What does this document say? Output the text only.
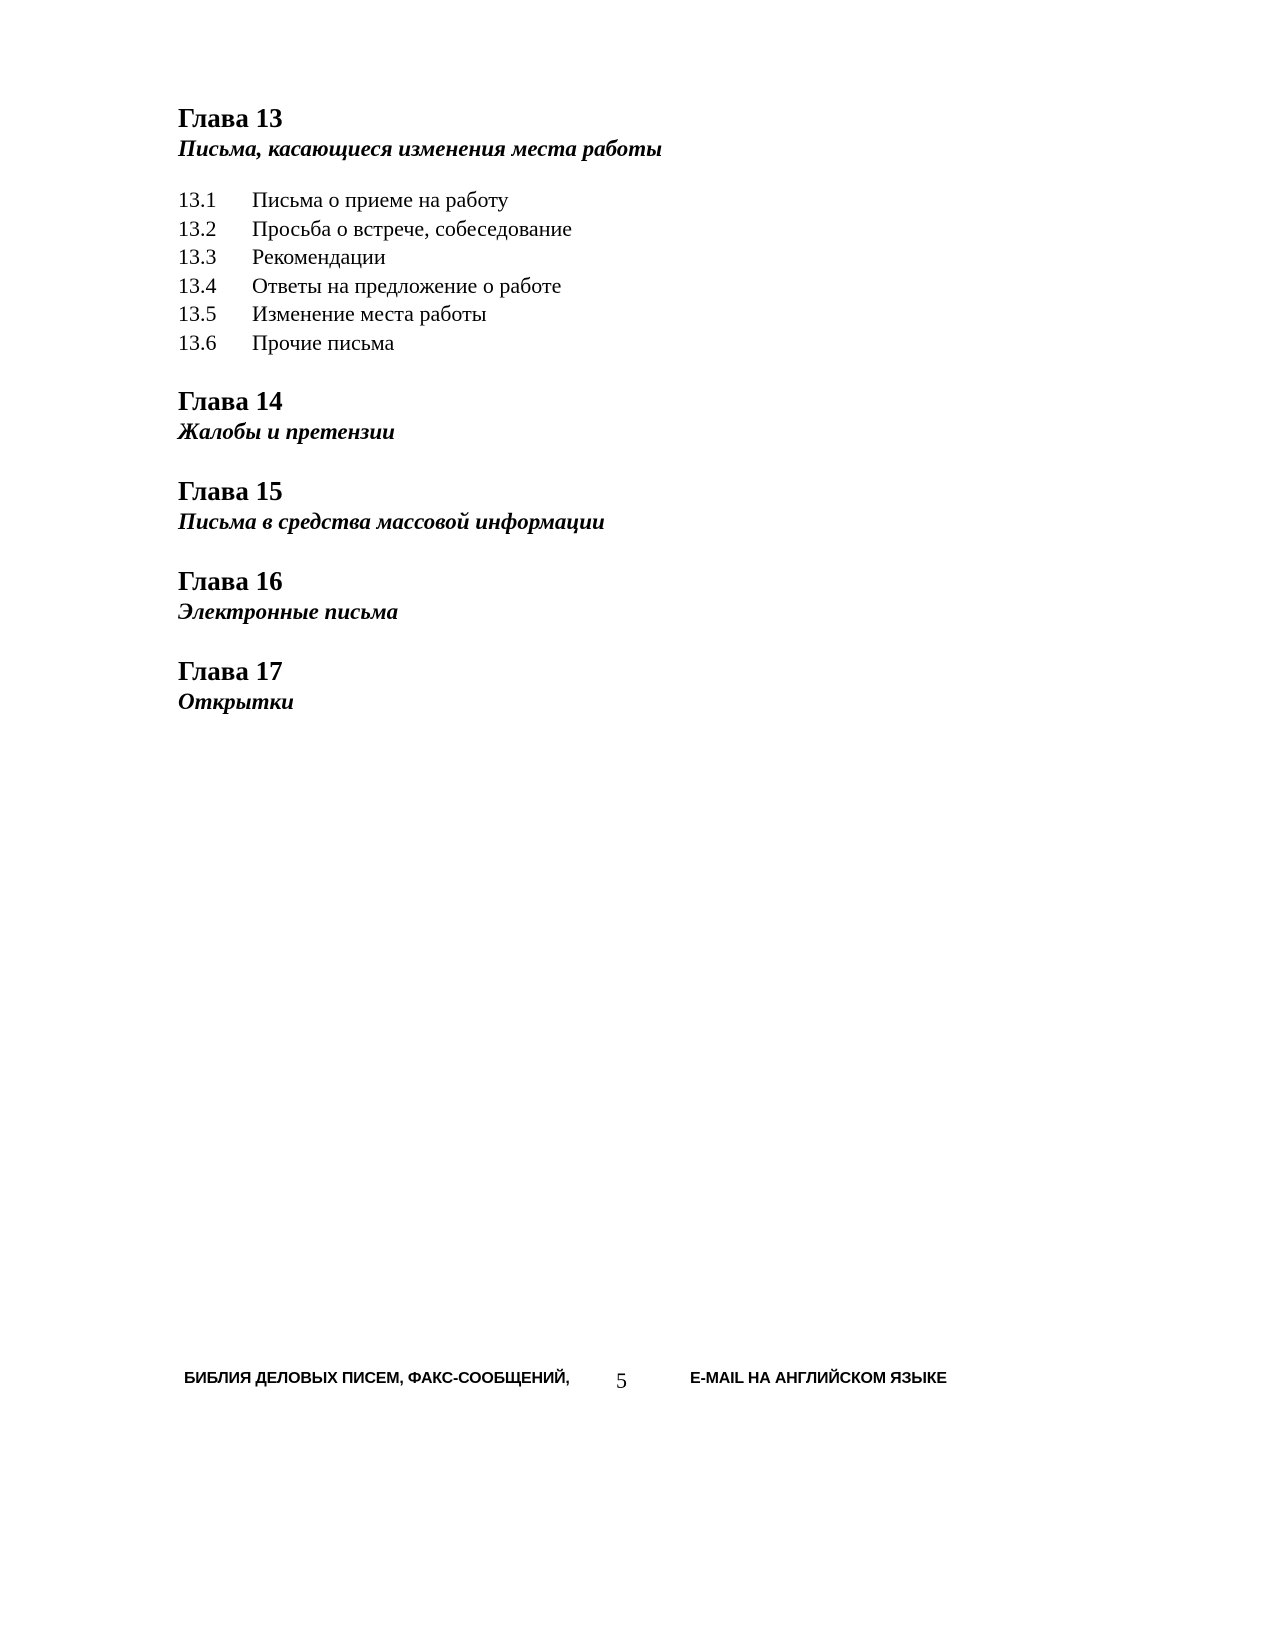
Глава 13
Письма, касающиеся изменения места работы
13.1	Письма о приеме на работу
13.2	Просьба о встрече, собеседование
13.3	Рекомендации
13.4	Ответы на предложение о работе
13.5	Изменение места работы
13.6	Прочие письма
Глава 14
Жалобы и претензии
Глава 15
Письма в средства массовой информации
Глава 16
Электронные письма
Глава 17
Открытки
БИБЛИЯ ДЕЛОВЫХ ПИСЕМ, ФАКС-СООБЩЕНИЙ, 5	E-MAIL НА АНГЛИЙСКОМ ЯЗЫКЕ
